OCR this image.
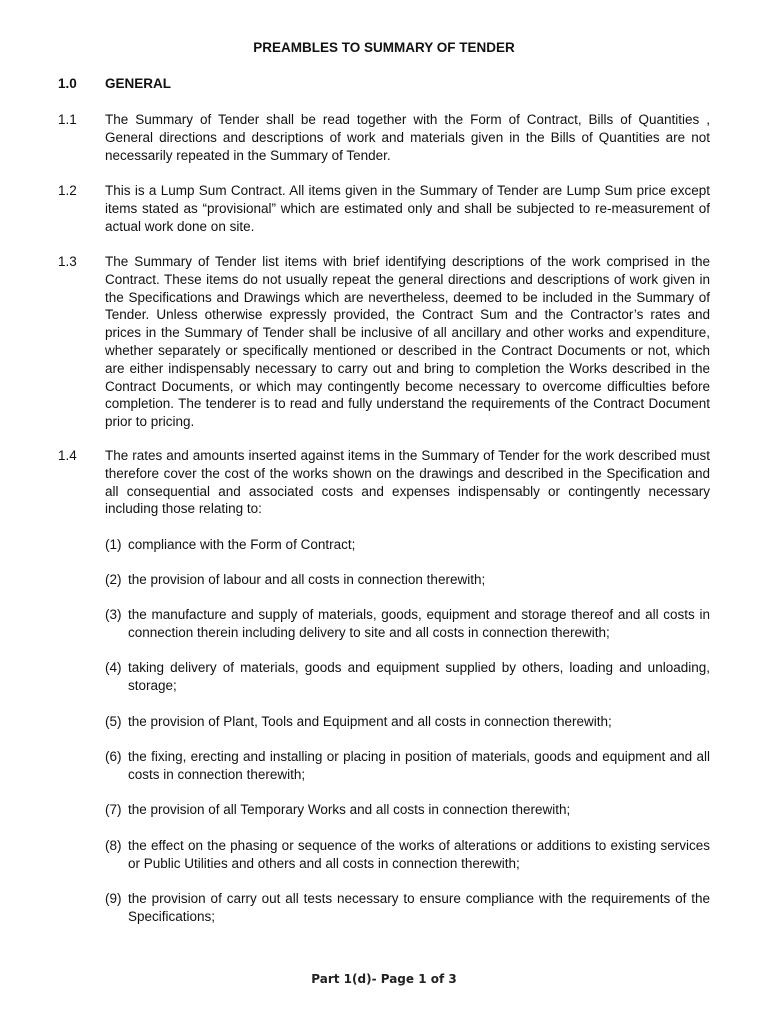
PREAMBLES TO SUMMARY OF TENDER
1.0 GENERAL
1.1 The Summary of Tender shall be read together with the Form of Contract, Bills of Quantities , General directions and descriptions of work and materials given in the Bills of Quantities are not necessarily repeated in the Summary of Tender.
1.2 This is a Lump Sum Contract. All items given in the Summary of Tender are Lump Sum price except items stated as “provisional” which are estimated only and shall be subjected to re-measurement of actual work done on site.
1.3 The Summary of Tender list items with brief identifying descriptions of the work comprised in the Contract. These items do not usually repeat the general directions and descriptions of work given in the Specifications and Drawings which are nevertheless, deemed to be included in the Summary of Tender. Unless otherwise expressly provided, the Contract Sum and the Contractor’s rates and prices in the Summary of Tender shall be inclusive of all ancillary and other works and expenditure, whether separately or specifically mentioned or described in the Contract Documents or not, which are either indispensably necessary to carry out and bring to completion the Works described in the Contract Documents, or which may contingently become necessary to overcome difficulties before completion. The tenderer is to read and fully understand the requirements of the Contract Document prior to pricing.
1.4 The rates and amounts inserted against items in the Summary of Tender for the work described must therefore cover the cost of the works shown on the drawings and described in the Specification and all consequential and associated costs and expenses indispensably or contingently necessary including those relating to:
(1) compliance with the Form of Contract;
(2) the provision of labour and all costs in connection therewith;
(3) the manufacture and supply of materials, goods, equipment and storage thereof and all costs in connection therein including delivery to site and all costs in connection therewith;
(4) taking delivery of materials, goods and equipment supplied by others, loading and unloading, storage;
(5) the provision of Plant, Tools and Equipment and all costs in connection therewith;
(6) the fixing, erecting and installing or placing in position of materials, goods and equipment and all costs in connection therewith;
(7) the provision of all Temporary Works and all costs in connection therewith;
(8) the effect on the phasing or sequence of the works of alterations or additions to existing services or Public Utilities and others and all costs in connection therewith;
(9) the provision of carry out all tests necessary to ensure compliance with the requirements of the Specifications;
Part 1(d)- Page 1 of 3
